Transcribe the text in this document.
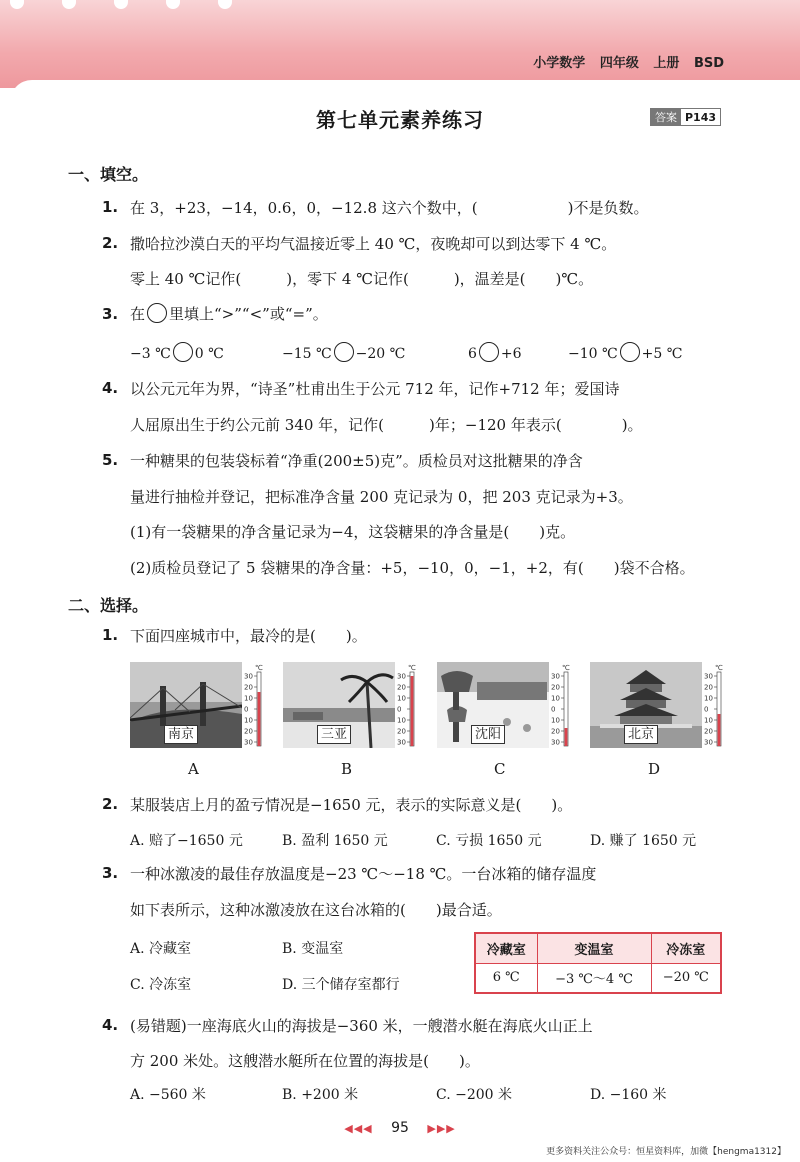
小学数学 四年级 上册 BSD
第七单元素养练习	答案 P143
一、填空。
1. 在 3，+23，−14，0.6，0，−12.8 这六个数中，(　　　　　　)不是负数。
2. 撒哈拉沙漠白天的平均气温接近零上 40 ℃，夜晚却可以到达零下 4 ℃。
零上 40 ℃记作(　　　)，零下 4 ℃记作(　　　)，温差是(　　)℃。
3. 在 里填上“>”“<”或“=”。
−3 ℃ 0 ℃	−15 ℃ −20 ℃	6 +6	−10 ℃ +5 ℃
4. 以公元元年为界，“诗圣”杜甫出生于公元 712 年，记作+712 年；爱国诗
人屈原出生于约公元前 340 年，记作(　　　)年；−120 年表示(　　　　)。
5. 一种糖果的包装袋标着“净重(200±5)克”。质检员对这批糖果的净含
量进行抽检并登记，把标准净含量 200 克记录为 0，把 203 克记录为+3。
(1)有一袋糖果的净含量记录为−4，这袋糖果的净含量是(　　)克。
(2)质检员登记了 5 袋糖果的净含量：+5，−10，0，−1，+2，有(　　)袋不合格。
二、选择。
1. 下面四座城市中，最冷的是(　　)。
南京
℃
30
20
10
0
10
20
30
三亚
℃
30
20
10
0
10
20
30
沈阳
℃
30
20
10
0
10
20
30
北京
℃
30
20
10
0
10
20
30
A	B	C	D
2. 某服装店上月的盈亏情况是−1650 元，表示的实际意义是(　　)。
A. 赔了−1650 元	B. 盈利 1650 元	C. 亏损 1650 元	D. 赚了 1650 元
3. 一种冰激凌的最佳存放温度是−23 ℃～−18 ℃。一台冰箱的储存温度
如下表所示，这种冰激凌放在这台冰箱的(　　)最合适。
A. 冷藏室	B. 变温室
C. 冷冻室	D. 三个储存室都行
冷藏室	变温室	冷冻室
6 ℃	−3 ℃～4 ℃	−20 ℃
4. (易错题)一座海底火山的海拔是−360 米，一艘潜水艇在海底火山正上
方 200 米处。这艘潜水艇所在位置的海拔是(　　)。
A. −560 米	B. +200 米	C. −200 米	D. −160 米
◀◀◀ 95 ▶▶▶
更多资料关注公众号：恒星资料库，加微【hengma1312】
